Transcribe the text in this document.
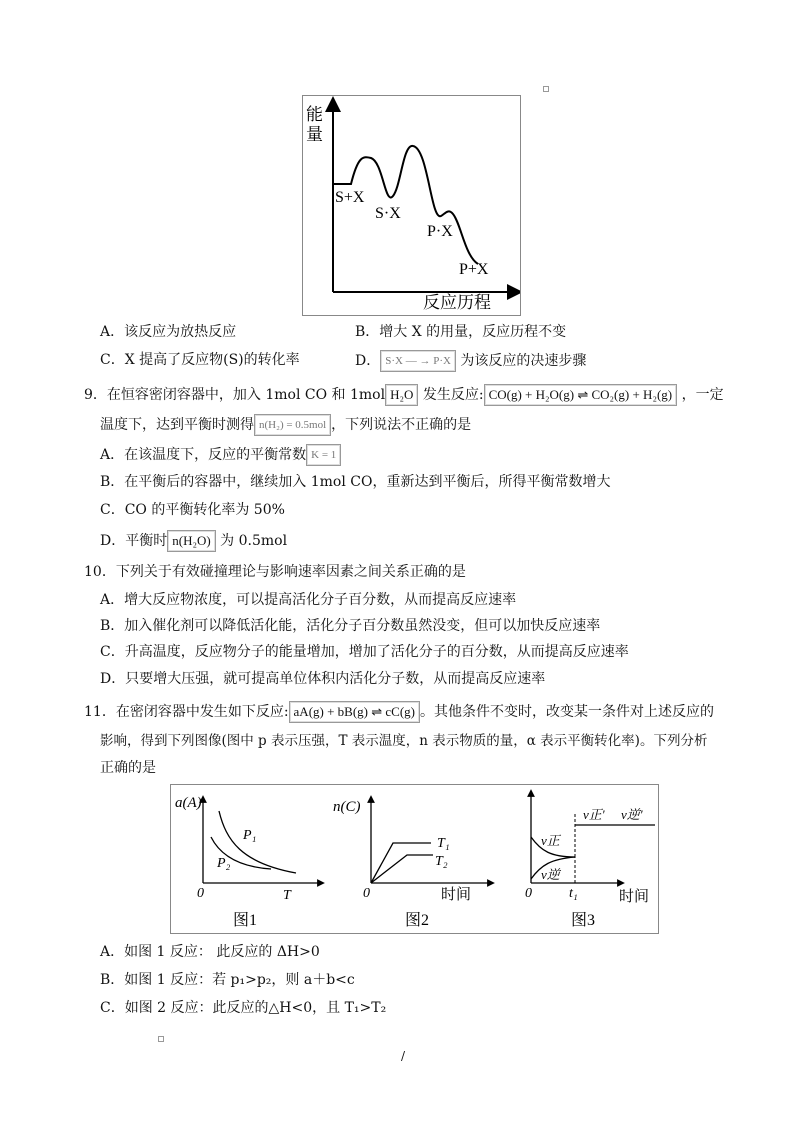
能
量
反应历程
S+X
S·X
P·X
P+X
A．该反应为放热反应	B．增大 X 的用量，反应历程不变
C．X 提高了反应物(S)的转化率	D． S·X — → P·X 为该反应的决速步骤
9．在恒容密闭容器中，加入 1mol CO 和 1mol H₂O 发生反应: CO(g) + H₂O(g) ⇌ CO₂(g) + H₂(g) ，一定
温度下，达到平衡时测得 n(H₂) = 0.5mol ，下列说法不正确的是
A．在该温度下，反应的平衡常数 K = 1
B．在平衡后的容器中，继续加入 1mol CO，重新达到平衡后，所得平衡常数增大
C．CO 的平衡转化率为 50%
D．平衡时 n(H₂O) 为 0.5mol
10．下列关于有效碰撞理论与影响速率因素之间关系正确的是
A．增大反应物浓度，可以提高活化分子百分数，从而提高反应速率
B．加入催化剂可以降低活化能，活化分子百分数虽然没变，但可以加快反应速率
C．升高温度，反应物分子的能量增加，增加了活化分子的百分数，从而提高反应速率
D．只要增大压强，就可提高单位体积内活化分子数，从而提高反应速率
11．在密闭容器中发生如下反应: aA(g) + bB(g) ⇌ cC(g) 。其他条件不变时，改变某一条件对上述反应的
影响，得到下列图像(图中 p 表示压强，T 表示温度，n 表示物质的量，α 表示平衡转化率)。下列分析
正确的是
a(A)
0	T
P₁
P₂
图1
n(C)
0	时间
T₁
T₂
图2
0	t₁	时间
v正
v逆
v正' v逆'
图3
A．如图 1 反应： 此反应的 ΔH>0
B．如图 1 反应：若 p₁>p₂，则 a＋b<c
C．如图 2 反应：此反应的△H<0，且 T₁>T₂
/
